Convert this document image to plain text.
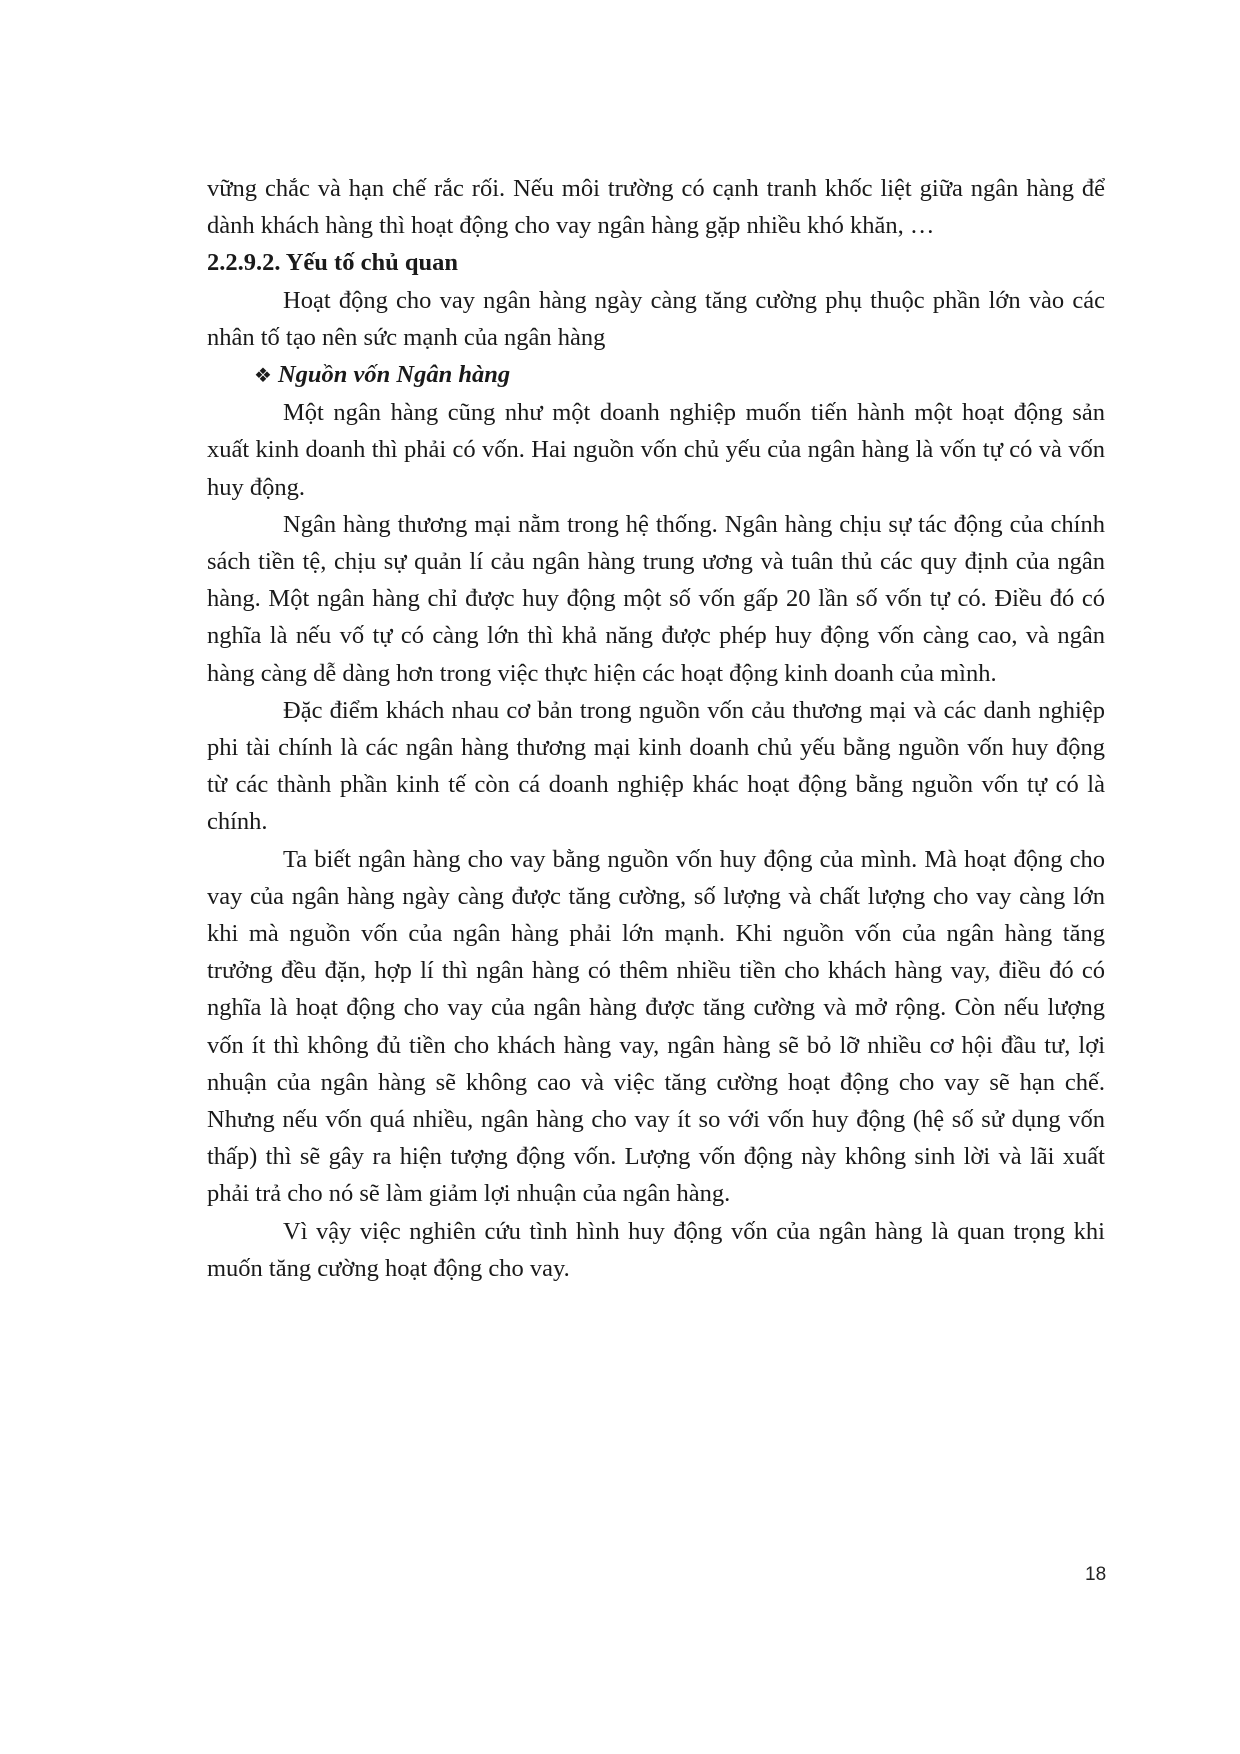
vững chắc và hạn chế rắc rối. Nếu môi trường có cạnh tranh khốc liệt giữa ngân hàng để dành khách hàng thì hoạt động cho vay ngân hàng gặp nhiều khó khăn, …

2.2.9.2. Yếu tố chủ quan

Hoạt động cho vay ngân hàng ngày càng tăng cường phụ thuộc phần lớn vào các nhân tố tạo nên sức mạnh của ngân hàng

❖ Nguồn vốn Ngân hàng

Một ngân hàng cũng như một doanh nghiệp muốn tiến hành một hoạt động sản xuất kinh doanh thì phải có vốn. Hai nguồn vốn chủ yếu của ngân hàng là vốn tự có và vốn huy động.

Ngân hàng thương mại nằm trong hệ thống. Ngân hàng chịu sự tác động của chính sách tiền tệ, chịu sự quản lí cảu ngân hàng trung ương và tuân thủ các quy định của ngân hàng. Một ngân hàng chỉ được huy động một số vốn gấp 20 lần số vốn tự có. Điều đó có nghĩa là nếu vố tự có càng lớn thì khả năng được phép huy động vốn càng cao, và ngân hàng càng dễ dàng hơn trong việc thực hiện các hoạt động kinh doanh của mình.

Đặc điểm khách nhau cơ bản trong nguồn vốn cảu thương mại và các danh nghiệp phi tài chính là các ngân hàng thương mại kinh doanh chủ yếu bằng nguồn vốn huy động từ các thành phần kinh tế còn cá doanh nghiệp khác hoạt động bằng nguồn vốn tự có là chính.

Ta biết ngân hàng cho vay bằng nguồn vốn huy động của mình. Mà hoạt động cho vay của ngân hàng ngày càng được tăng cường, số lượng và chất lượng cho vay càng lớn khi mà nguồn vốn của ngân hàng phải lớn mạnh. Khi nguồn vốn của ngân hàng tăng trưởng đều đặn, hợp lí thì ngân hàng có thêm nhiều tiền cho khách hàng vay, điều đó có nghĩa là hoạt động cho vay của ngân hàng được tăng cường và mở rộng. Còn nếu lượng vốn ít thì không đủ tiền cho khách hàng vay, ngân hàng sẽ bỏ lỡ nhiều cơ hội đầu tư, lợi nhuận của ngân hàng sẽ không cao và việc tăng cường hoạt động cho vay sẽ hạn chế. Nhưng nếu vốn quá nhiều, ngân hàng cho vay ít so với vốn huy động (hệ số sử dụng vốn thấp) thì sẽ gây ra hiện tượng động vốn. Lượng vốn động này không sinh lời và lãi xuất phải trả cho nó sẽ làm giảm lợi nhuận của ngân hàng.

Vì vậy việc nghiên cứu tình hình huy động vốn của ngân hàng là quan trọng khi muốn tăng cường hoạt động cho vay.

18
